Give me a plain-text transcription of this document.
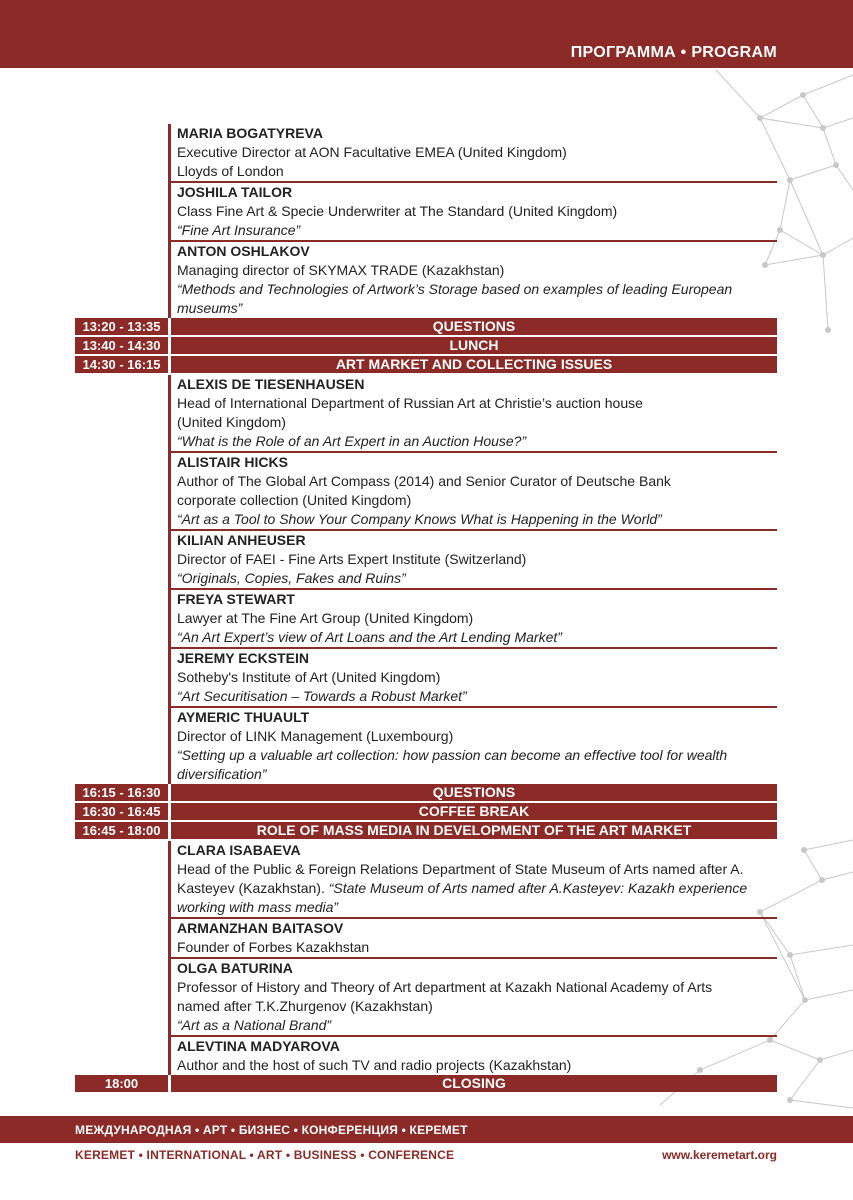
ПРОГРАММА • PROGRAM
MARIA BOGATYREVA
Executive Director at AON Facultative EMEA (United Kingdom)
Lloyds of London
JOSHILA TAILOR
Class Fine Art & Specie Underwriter at The Standard (United Kingdom)
“Fine Art Insurance”
ANTON OSHLAKOV
Managing director of SKYMAX TRADE (Kazakhstan)
“Methods and Technologies of Artwork’s Storage based on examples of leading European museums”
13:20 - 13:35	QUESTIONS
13:40 - 14:30	LUNCH
14:30 - 16:15	ART MARKET AND COLLECTING ISSUES
ALEXIS DE TIESENHAUSEN
Head of International Department of Russian Art at Christie’s auction house
(United Kingdom)
“What is the Role of an Art Expert in an Auction House?”
ALISTAIR HICKS
Author of The Global Art Compass (2014) and Senior Curator of Deutsche Bank
corporate collection (United Kingdom)
“Art as a Tool to Show Your Company Knows What is Happening in the World”
KILIAN ANHEUSER
Director of FAEI - Fine Arts Expert Institute (Switzerland)
“Originals, Copies, Fakes and Ruins”
FREYA STEWART
Lawyer at The Fine Art Group (United Kingdom)
“An Art Expert’s view of Art Loans and the Art Lending Market”
JEREMY ECKSTEIN
Sotheby's Institute of Art (United Kingdom)
“Art Securitisation – Towards a Robust Market”
AYMERIC THUAULT
Director of LINK Management (Luxembourg)
“Setting up a valuable art collection: how passion can become an effective tool for wealth diversification”
16:15 - 16:30	QUESTIONS
16:30 - 16:45	COFFEE BREAK
16:45 - 18:00	ROLE OF MASS MEDIA IN DEVELOPMENT OF THE ART MARKET
CLARA ISABAEVA
Head of the Public & Foreign Relations Department of State Museum of Arts named after A. Kasteyev (Kazakhstan). “State Museum of Arts named after A.Kasteyev: Kazakh experience working with mass media”
ARMANZHAN BAITASOV
Founder of Forbes Kazakhstan
OLGA BATURINA
Professor of History and Theory of Art department at Kazakh National Academy of Arts
named after T.K.Zhurgenov (Kazakhstan)
“Art as a National Brand”
ALEVTINA MADYAROVA
Author and the host of such TV and radio projects (Kazakhstan)
18:00	CLOSING
МЕЖДУНАРОДНАЯ • АРТ • БИЗНЕС • КОНФЕРЕНЦИЯ • КЕРЕМЕТ
KEREMET • INTERNATIONAL • ART • BUSINESS • CONFERENCE	www.keremetart.org
